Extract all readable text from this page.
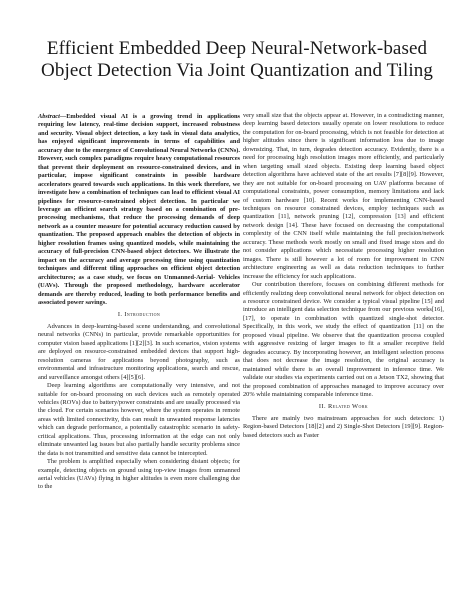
Efficient Embedded Deep Neural-Network-based Object Detection Via Joint Quantization and Tiling

Abstract—Embedded visual AI is a growing trend in applications requiring low latency, real-time decision support, increased robustness and security. Visual object detection, a key task in visual data analytics, has enjoyed significant improvements in terms of capabilities and accuracy due to the emergence of Convolutional Neural Networks (CNNs). However, such complex paradigms require heavy computational resources that prevent their deployment on resource-constrained devices, and in particular, impose significant constraints in possible hardware accelerators geared towards such applications. In this work therefore, we investigate how a combination of techniques can lead to efficient visual AI pipelines for resource-constrained object detection. In particular we leverage an efficient search strategy based on a combination of pre-processing mechanisms, that reduce the processing demands of deep network as a counter measure for potential accuracy reduction caused by quantization. The proposed approach enables the detection of objects in higher resolution frames using quantized models, while maintaining the accuracy of full-precision CNN-based object detectors. We illustrate the impact on the accuracy and average processing time using quantization techniques and different tiling approaches on efficient object detection architectures; as a case study, we focus on Unmanned-Aerial- Vehicles (UAVs). Through the proposed methodology, hardware accelerator demands are thereby reduced, leading to both performance benefits and associated power savings.

I. Introduction

Advances in deep-learning-based scene understanding, and convolutional neural networks (CNNs) in particular, provide remarkable opportunities for computer vision based applications [1][2][3]. In such scenarios, vision systems are deployed on resource-constrained embedded devices that support high-resolution cameras for applications beyond photography, such as environmental and infrastructure monitoring applications, search and rescue, and surveillance amongst others [4][5][6].

Deep learning algorithms are computationally very intensive, and not suitable for on-board processing on such devices such as remotely operated vehicles (ROVs) due to battery/power constraints and are usually processed via the cloud. For certain scenarios however, where the system operates in remote areas with limited connectivity, this can result in unwanted response latencies which can degrade performance, a potentially catastrophic scenario in safety-critical applications. Thus, processing information at the edge can not only eliminate unwanted lag issues but also partially handle security problems since the data is not transmitted and sensitive data cannot be intercepted.

The problem is amplified especially when considering distant objects; for example, detecting objects on ground using top-view images from unmanned aerial vehicles (UAVs) flying in higher altitudes is even more challenging due to the

very small size that the objects appear at. However, in a contradicting manner, deep learning based detectors usually operate on lower resolutions to reduce the computation for on-board processing, which is not feasible for detection at higher altitudes since there is significant information loss due to image downsizing. That, in turn, degrades detection accuracy. Evidently, there is a need for processing high resolution images more efficiently, and particularly when targeting small sized objects. Existing deep learning based object detection algorithms have achieved state of the art results [7][8][9]. However, they are not suitable for on-board processing on UAV platforms because of computational constraints, power consumption, memory limitations and lack of custom hardware [10]. Recent works for implementing CNN-based techniques on resource constrained devices, employ techniques such as quantization [11], network pruning [12], compression [13] and efficient network design [14]. These have focused on decreasing the computational complexity of the CNN itself while maintaining the full precision/network accuracy. These methods work mostly on small and fixed image sizes and do not consider applications which necessitate processing higher resolution images. There is still however a lot of room for improvement in CNN architecture engineering as well as data reduction techniques to further increase the efficiency for such applications.

Our contribution therefore, focuses on combining different methods for efficiently realizing deep convolutional neural network for object detection on a resource constrained device. We consider a typical visual pipeline [15] and introduce an intelligent data selection technique from our previous works[16], [17], to operate in combination with quantized single-shot detector. Specifically, in this work, we study the effect of quantization [11] on the proposed visual pipeline. We observe that the quantization process coupled with aggressive resizing of larger images to fit a smaller receptive field degrades accuracy. By incorporating however, an intelligent selection process that does not decrease the image resolution, the original accuracy is maintained while there is an overall improvement in inference time. We validate our studies via experiments carried out on a Jetson TX2, showing that the proposed combination of approaches managed to improve accuracy over 20% while maintaining comparable inference time.

II. Related Work

There are mainly two mainstream approaches for such detectors: 1) Region-based Detectors [18][2] and 2) Single-Shot Detectors [19][9]. Region-based detectors such as Faster
